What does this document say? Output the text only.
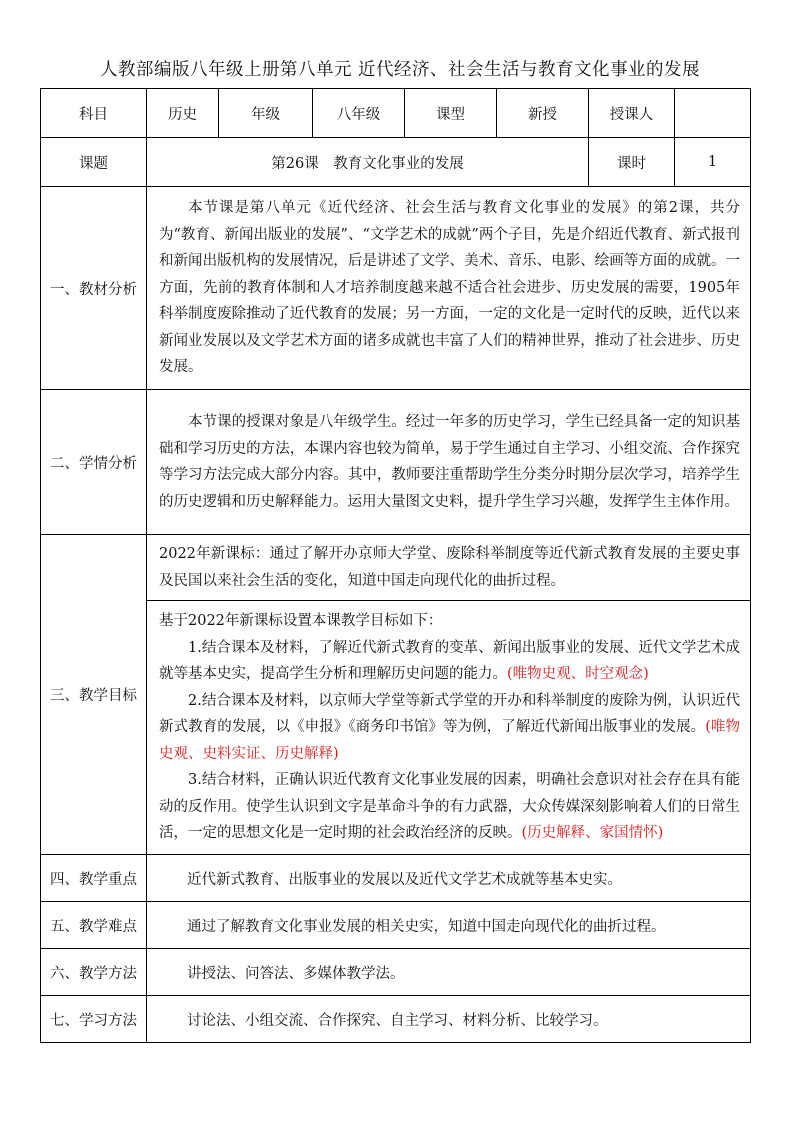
人教部编版八年级上册第八单元 近代经济、社会生活与教育文化事业的发展
科目	历史	年级	八年级	课型	新授	授课人	
课题	第26课　教育文化事业的发展					课时	1
一、教材分析	本节课是第八单元《近代经济、社会生活与教育文化事业的发展》的第2课，共分为“教育、新闻出版业的发展”、“文学艺术的成就”两个子目，先是介绍近代教育、新式报刊和新闻出版机构的发展情况，后是讲述了文学、美术、音乐、电影、绘画等方面的成就。一方面，先前的教育体制和人才培养制度越来越不适合社会进步、历史发展的需要，1905年科举制度废除推动了近代教育的发展；另一方面，一定的文化是一定时代的反映，近代以来新闻业发展以及文学艺术方面的诸多成就也丰富了人们的精神世界，推动了社会进步、历史发展。						

二、学情分析	本节课的授课对象是八年级学生。经过一年多的历史学习，学生已经具备一定的知识基础和学习历史的方法，本课内容也较为简单，易于学生通过自主学习、小组交流、合作探究等学习方法完成大部分内容。其中，教师要注重帮助学生分类分时期分层次学习，培养学生的历史逻辑和历史解释能力。运用大量图文史料，提升学生学习兴趣，发挥学生主体作用。						

三、教学目标	2022年新课标：通过了解开办京师大学堂、废除科举制度等近代新式教育发展的主要史事及民国以来社会生活的变化，知道中国走向现代化的曲折过程。						

	基于2022年新课标设置本课教学目标如下：

1.结合课本及材料，了解近代新式教育的变革、新闻出版事业的发展、近代文学艺术成就等基本史实，提高学生分析和理解历史问题的能力。(唯物史观、时空观念)

2.结合课本及材料，以京师大学堂等新式学堂的开办和科举制度的废除为例，认识近代新式教育的发展，以《申报》《商务印书馆》等为例，了解近代新闻出版事业的发展。(唯物史观、史料实证、历史解释)

3.结合材料，正确认识近代教育文化事业发展的因素，明确社会意识对社会存在具有能动的反作用。使学生认识到文字是革命斗争的有力武器，大众传媒深刻影响着人们的日常生活，一定的思想文化是一定时期的社会政治经济的反映。(历史解释、家国情怀)						

四、教学重点	近代新式教育、出版事业的发展以及近代文学艺术成就等基本史实。						
五、教学难点	通过了解教育文化事业发展的相关史实，知道中国走向现代化的曲折过程。						
六、教学方法	讲授法、问答法、多媒体教学法。						
七、学习方法	讨论法、小组交流、合作探究、自主学习、材料分析、比较学习。						
